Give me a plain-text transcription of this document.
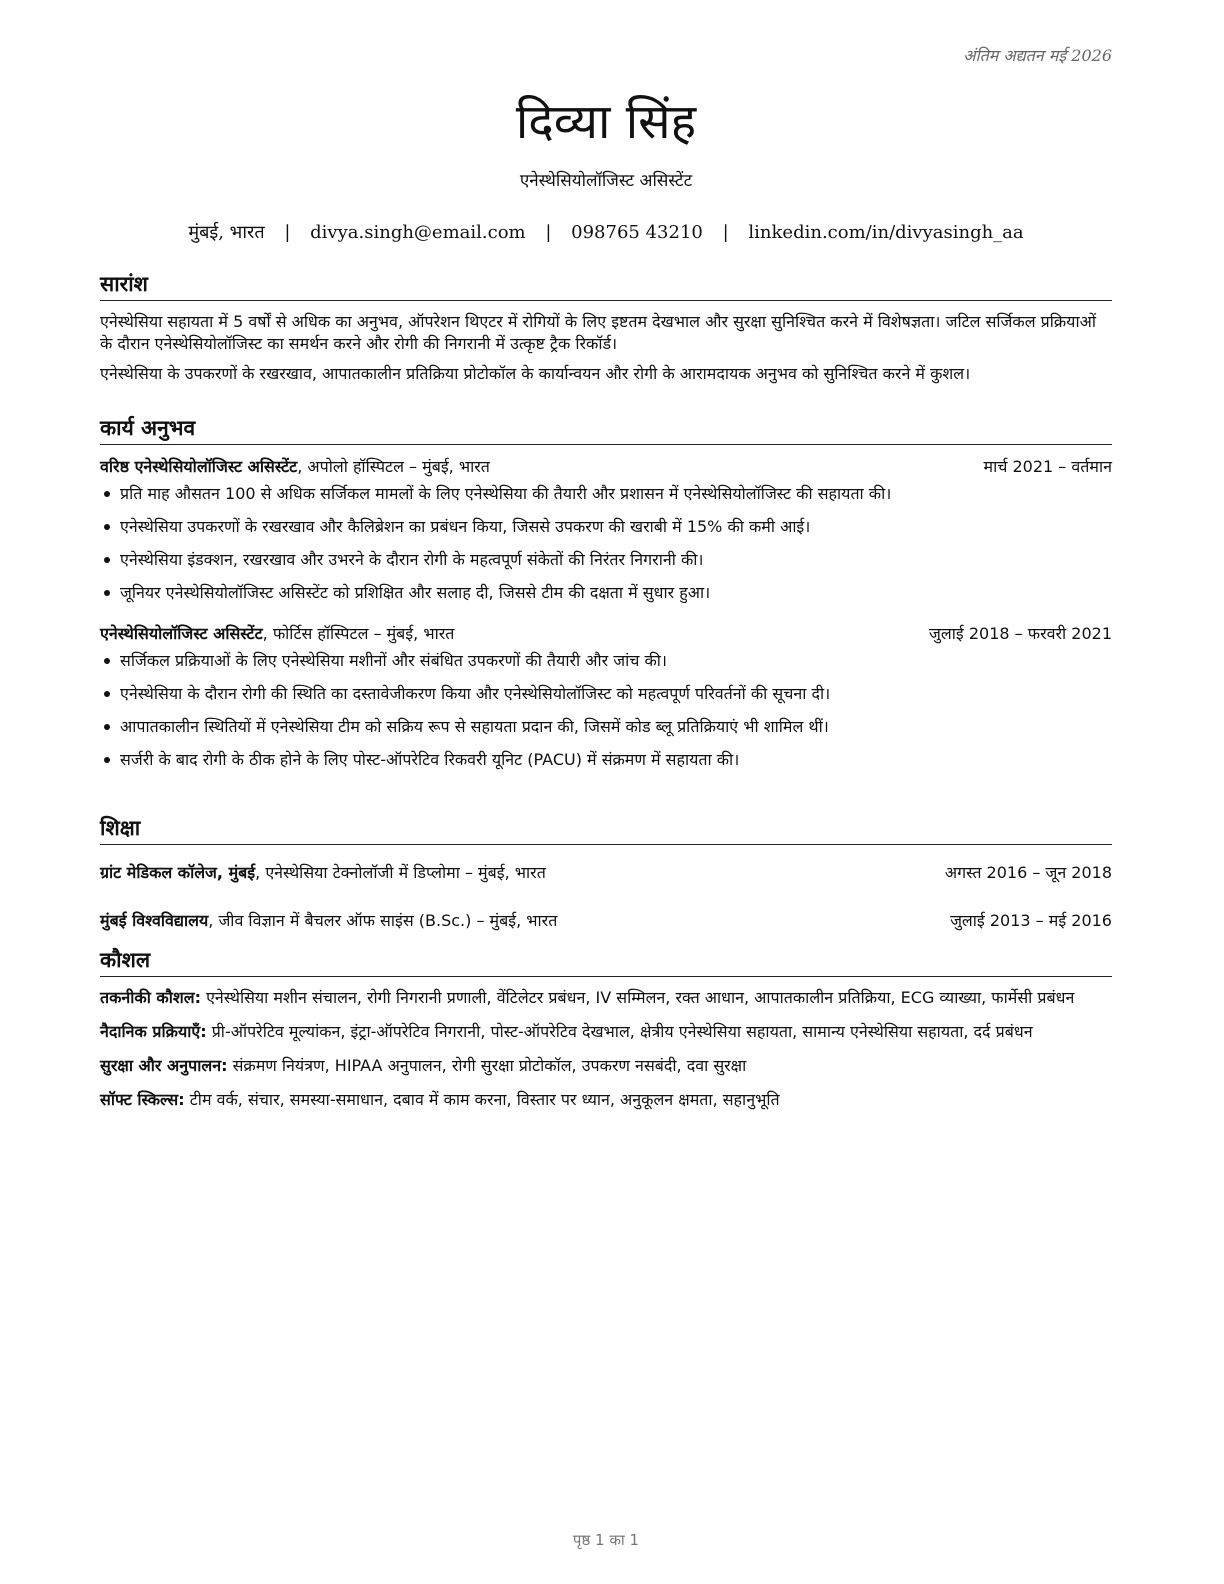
अंतिम अद्यतन मई 2026
दिव्या सिंह
एनेस्थेसियोलॉजिस्ट असिस्टेंट
मुंबई, भारत | divya.singh@email.com | 098765 43210 | linkedin.com/in/divyasingh_aa
सारांश

एनेस्थेसिया सहायता में 5 वर्षों से अधिक का अनुभव, ऑपरेशन थिएटर में रोगियों के लिए इष्टतम देखभाल और सुरक्षा सुनिश्चित करने में विशेषज्ञता। जटिल सर्जिकल प्रक्रियाओं के दौरान एनेस्थेसियोलॉजिस्ट का समर्थन करने और रोगी की निगरानी में उत्कृष्ट ट्रैक रिकॉर्ड।

एनेस्थेसिया के उपकरणों के रखरखाव, आपातकालीन प्रतिक्रिया प्रोटोकॉल के कार्यान्वयन और रोगी के आरामदायक अनुभव को सुनिश्चित करने में कुशल।

कार्य अनुभव
वरिष्ठ एनेस्थेसियोलॉजिस्ट असिस्टेंट, अपोलो हॉस्पिटल – मुंबई, भारत	मार्च 2021 – वर्तमान
प्रति माह औसतन 100 से अधिक सर्जिकल मामलों के लिए एनेस्थेसिया की तैयारी और प्रशासन में एनेस्थेसियोलॉजिस्ट की सहायता की।
एनेस्थेसिया उपकरणों के रखरखाव और कैलिब्रेशन का प्रबंधन किया, जिससे उपकरण की खराबी में 15% की कमी आई।
एनेस्थेसिया इंडक्शन, रखरखाव और उभरने के दौरान रोगी के महत्वपूर्ण संकेतों की निरंतर निगरानी की।
जूनियर एनेस्थेसियोलॉजिस्ट असिस्टेंट को प्रशिक्षित और सलाह दी, जिससे टीम की दक्षता में सुधार हुआ।
एनेस्थेसियोलॉजिस्ट असिस्टेंट, फोर्टिस हॉस्पिटल – मुंबई, भारत	जुलाई 2018 – फरवरी 2021
सर्जिकल प्रक्रियाओं के लिए एनेस्थेसिया मशीनों और संबंधित उपकरणों की तैयारी और जांच की।
एनेस्थेसिया के दौरान रोगी की स्थिति का दस्तावेजीकरण किया और एनेस्थेसियोलॉजिस्ट को महत्वपूर्ण परिवर्तनों की सूचना दी।
आपातकालीन स्थितियों में एनेस्थेसिया टीम को सक्रिय रूप से सहायता प्रदान की, जिसमें कोड ब्लू प्रतिक्रियाएं भी शामिल थीं।
सर्जरी के बाद रोगी के ठीक होने के लिए पोस्ट-ऑपरेटिव रिकवरी यूनिट (PACU) में संक्रमण में सहायता की।
शिक्षा
ग्रांट मेडिकल कॉलेज, मुंबई, एनेस्थेसिया टेक्नोलॉजी में डिप्लोमा – मुंबई, भारत	अगस्त 2016 – जून 2018
मुंबई विश्वविद्यालय, जीव विज्ञान में बैचलर ऑफ साइंस (B.Sc.) – मुंबई, भारत	जुलाई 2013 – मई 2016
कौशल

तकनीकी कौशल: एनेस्थेसिया मशीन संचालन, रोगी निगरानी प्रणाली, वेंटिलेटर प्रबंधन, IV सम्मिलन, रक्त आधान, आपातकालीन प्रतिक्रिया, ECG व्याख्या, फार्मेसी प्रबंधन

नैदानिक प्रक्रियाएँ: प्री-ऑपरेटिव मूल्यांकन, इंट्रा-ऑपरेटिव निगरानी, पोस्ट-ऑपरेटिव देखभाल, क्षेत्रीय एनेस्थेसिया सहायता, सामान्य एनेस्थेसिया सहायता, दर्द प्रबंधन

सुरक्षा और अनुपालन: संक्रमण नियंत्रण, HIPAA अनुपालन, रोगी सुरक्षा प्रोटोकॉल, उपकरण नसबंदी, दवा सुरक्षा

सॉफ्ट स्किल्स: टीम वर्क, संचार, समस्या-समाधान, दबाव में काम करना, विस्तार पर ध्यान, अनुकूलन क्षमता, सहानुभूति

पृष्ठ 1 का 1
